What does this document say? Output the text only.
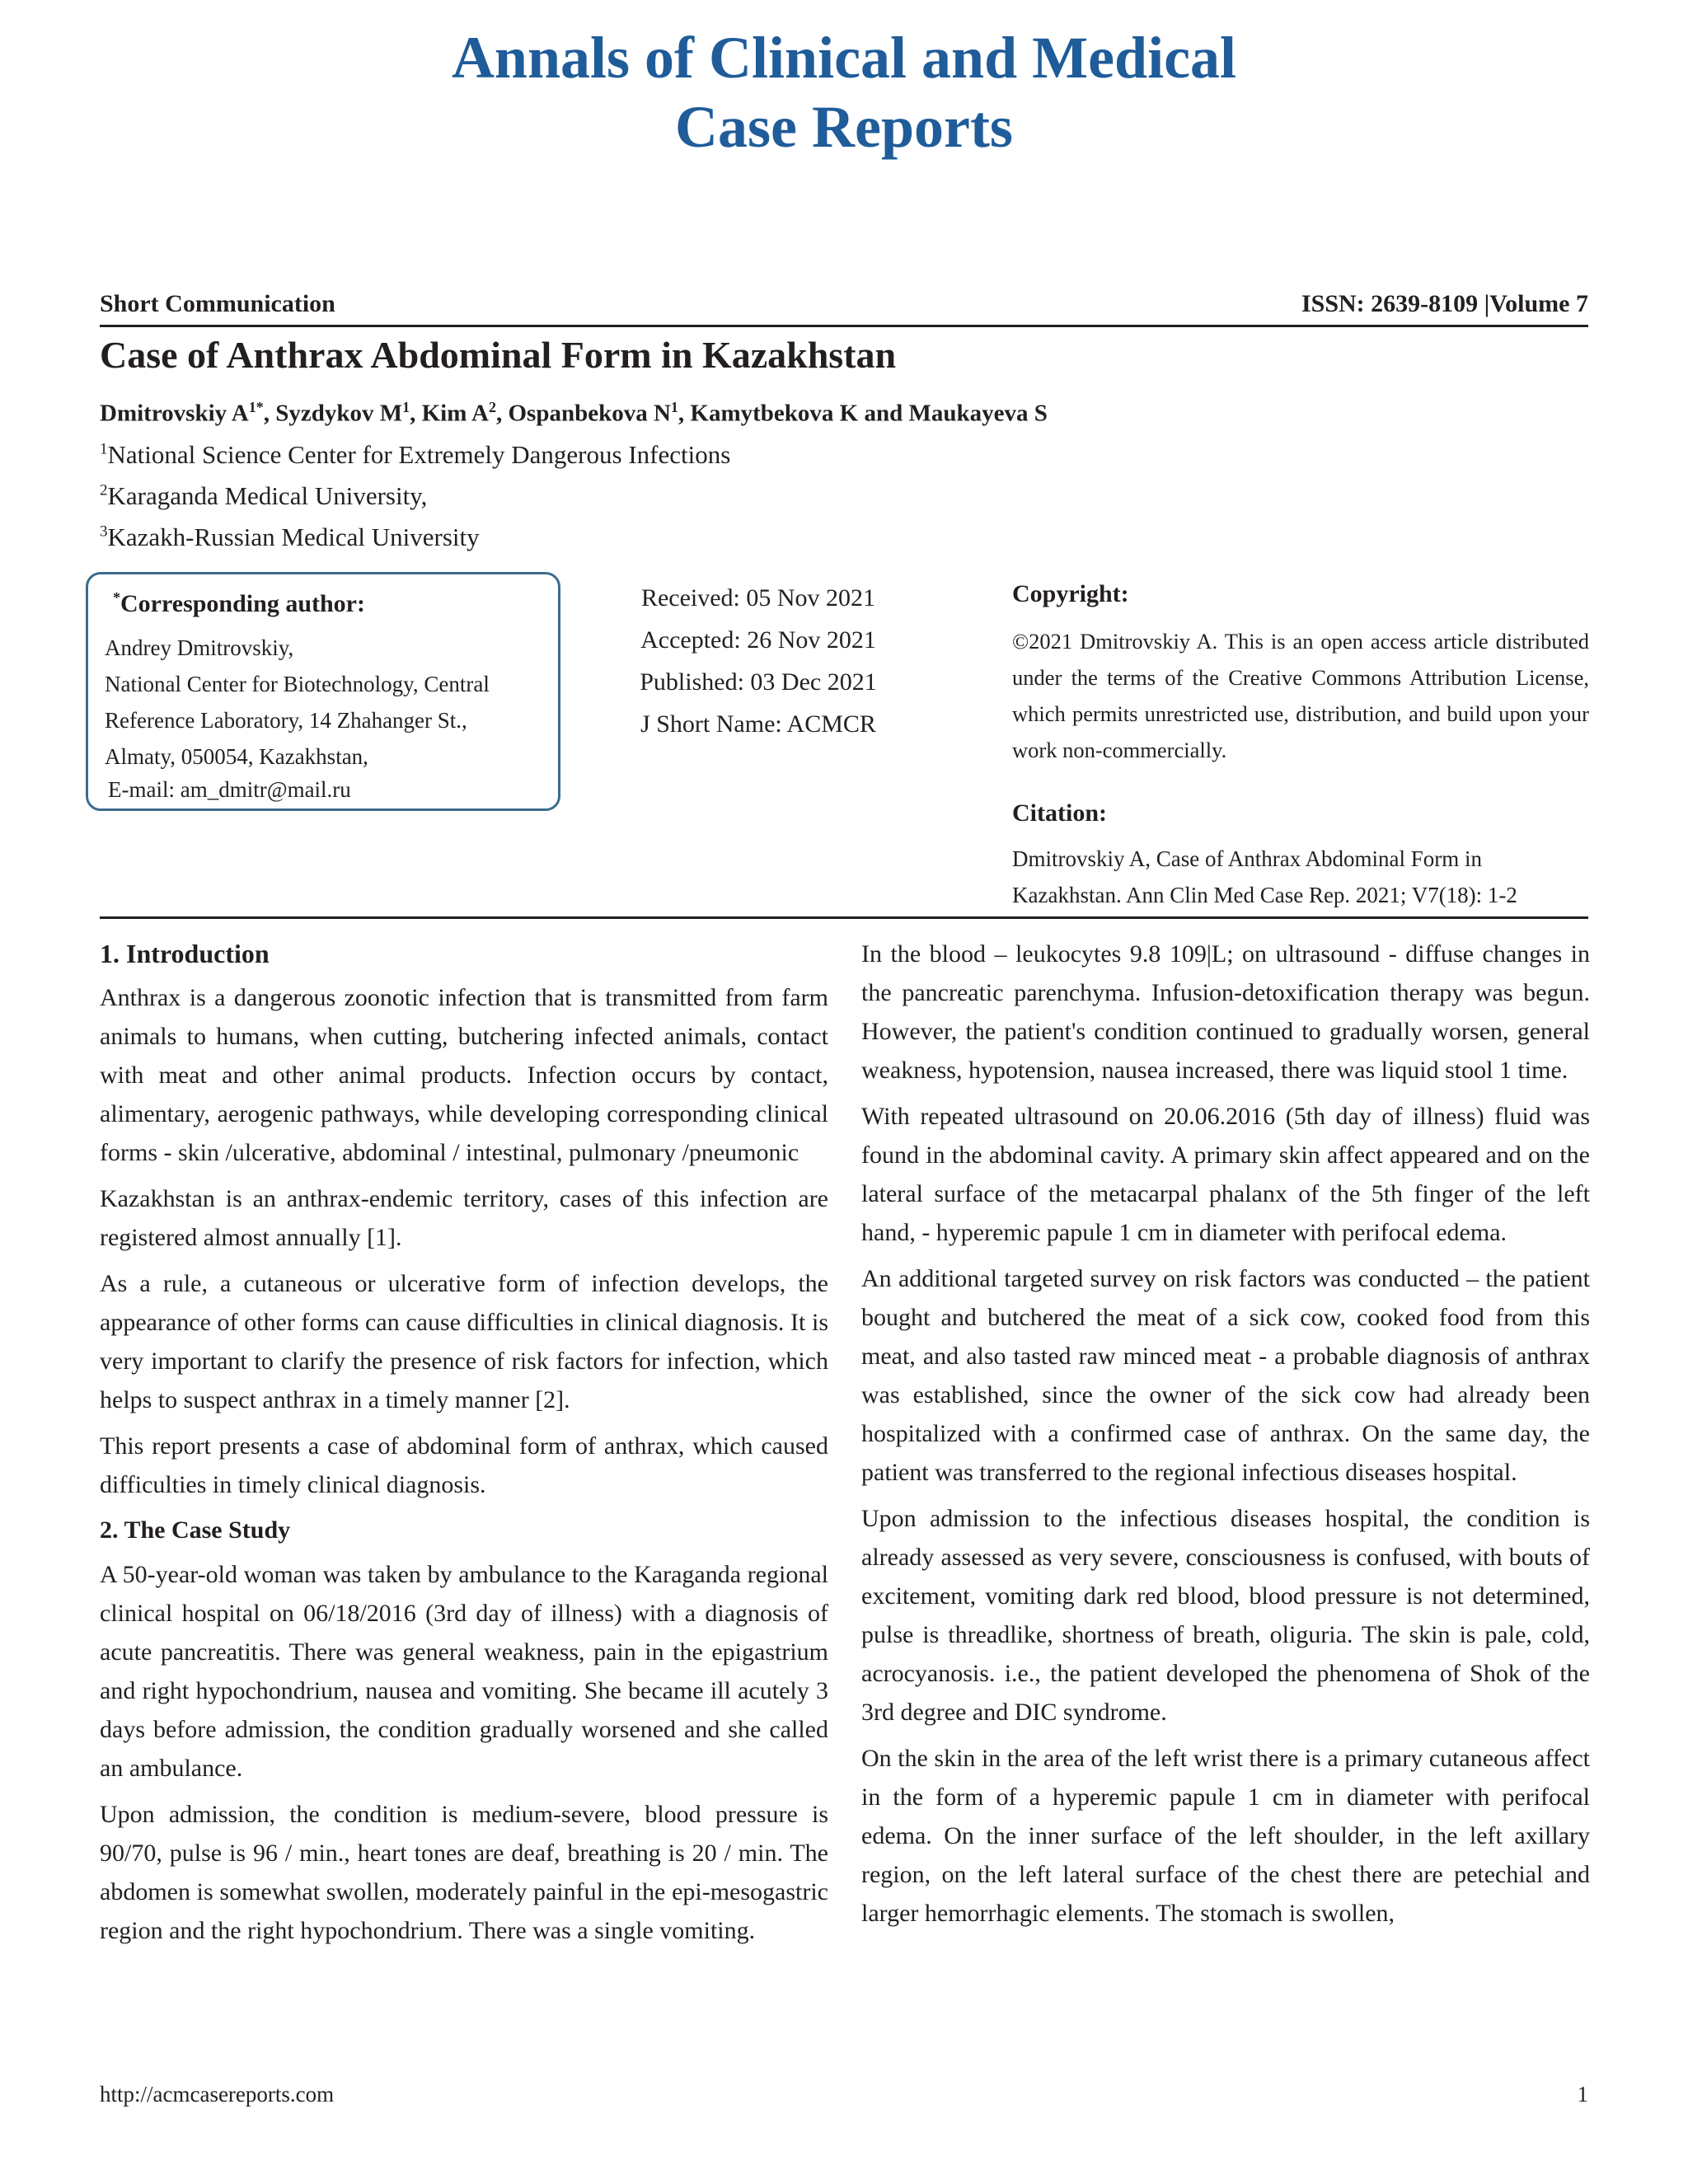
Annals of Clinical and Medical
Case Reports
Short Communication	ISSN: 2639-8109 |Volume 7
Case of Anthrax Abdominal Form in Kazakhstan
Dmitrovskiy $A^{1*}$, Syzdykov $M^1$, Kim $A^2$, Ospanbekova $N^1$, Kamytbekova K and Maukayeva S
$^1$National Science Center for Extremely Dangerous Infections
$^2$Karaganda Medical University,
$^3$Kazakh-Russian Medical University
*Corresponding author:
Andrey Dmitrovskiy,
National Center for Biotechnology, Central
Reference Laboratory, 14 Zhahanger St.,
Almaty, 050054, Kazakhstan,
E-mail: am_dmitr@mail.ru
Received: 05 Nov 2021
Accepted: 26 Nov 2021
Published: 03 Dec 2021
J Short Name: ACMCR
Copyright:
©2021 Dmitrovskiy A. This is an open access article distributed under the terms of the Creative Commons Attribution License, which permits unrestricted use, distribution, and build upon your work non-commercially.
Citation:
Dmitrovskiy A, Case of Anthrax Abdominal Form in Kazakhstan. Ann Clin Med Case Rep. 2021; V7(18): 1-2
1. Introduction

Anthrax is a dangerous zoonotic infection that is transmitted from farm animals to humans, when cutting, butchering infected animals, contact with meat and other animal products. Infection occurs by contact, alimentary, aerogenic pathways, while developing corresponding clinical forms - skin /ulcerative, abdominal / intestinal, pulmonary /pneumonic

Kazakhstan is an anthrax-endemic territory, cases of this infection are registered almost annually [1].

As a rule, a cutaneous or ulcerative form of infection develops, the appearance of other forms can cause difficulties in clinical diagnosis. It is very important to clarify the presence of risk factors for infection, which helps to suspect anthrax in a timely manner [2].

This report presents a case of abdominal form of anthrax, which caused difficulties in timely clinical diagnosis.

2. The Case Study

A 50-year-old woman was taken by ambulance to the Karaganda regional clinical hospital on 06/18/2016 (3rd day of illness) with a diagnosis of acute pancreatitis. There was general weakness, pain in the epigastrium and right hypochondrium, nausea and vomiting. She became ill acutely 3 days before admission, the condition gradually worsened and she called an ambulance.

Upon admission, the condition is medium-severe, blood pressure is 90/70, pulse is 96 / min., heart tones are deaf, breathing is 20 / min. The abdomen is somewhat swollen, moderately painful in the epi-mesogastric region and the right hypochondrium. There was a single vomiting.

In the blood – leukocytes 9.8 109|L; on ultrasound - diffuse changes in the pancreatic parenchyma. Infusion-detoxification therapy was begun. However, the patient's condition continued to gradually worsen, general weakness, hypotension, nausea increased, there was liquid stool 1 time.

With repeated ultrasound on 20.06.2016 (5th day of illness) fluid was found in the abdominal cavity. A primary skin affect appeared and on the lateral surface of the metacarpal phalanx of the 5th finger of the left hand, - hyperemic papule 1 cm in diameter with perifocal edema.

An additional targeted survey on risk factors was conducted – the patient bought and butchered the meat of a sick cow, cooked food from this meat, and also tasted raw minced meat - a probable diagnosis of anthrax was established, since the owner of the sick cow had already been hospitalized with a confirmed case of anthrax. On the same day, the patient was transferred to the regional infectious diseases hospital.

Upon admission to the infectious diseases hospital, the condition is already assessed as very severe, consciousness is confused, with bouts of excitement, vomiting dark red blood, blood pressure is not determined, pulse is threadlike, shortness of breath, oliguria. The skin is pale, cold, acrocyanosis. i.e., the patient developed the phenomena of Shok of the 3rd degree and DIC syndrome.

On the skin in the area of the left wrist there is a primary cutaneous affect in the form of a hyperemic papule 1 cm in diameter with perifocal edema. On the inner surface of the left shoulder, in the left axillary region, on the left lateral surface of the chest there are petechial and larger hemorrhagic elements. The stomach is swollen,

http://acmcasereports.com	1
